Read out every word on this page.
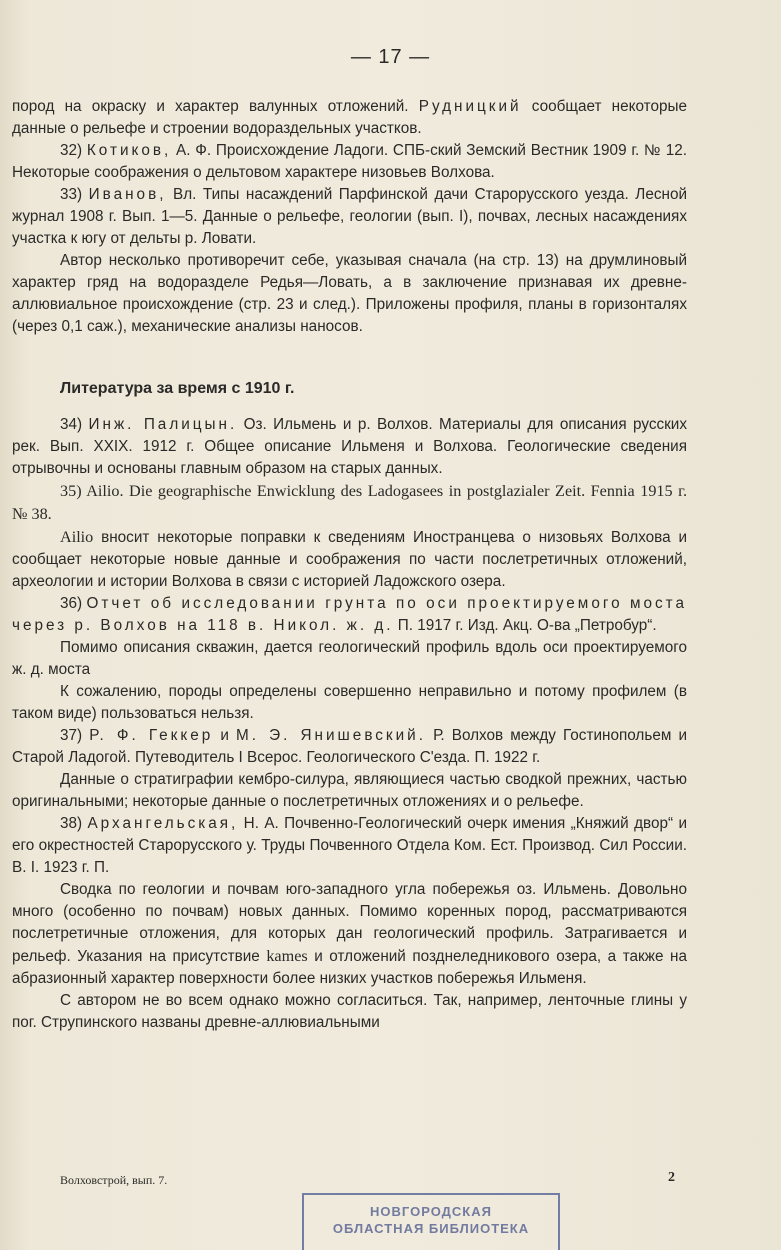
— 17 —

пород на окраску и характер валунных отложений. Рудницкий сообщает некоторые данные о рельефе и строении водораздельных участков.

32) Котиков, А. Ф. Происхождение Ладоги. СПБ-ский Земский Вестник 1909 г. № 12. Некоторые соображения о дельтовом характере низовьев Волхова.

33) Иванов, Вл. Типы насаждений Парфинской дачи Старорусского уезда. Лесной журнал 1908 г. Вып. 1—5. Данные о рельефе, геологии (вып. I), почвах, лесных насаждениях участка к югу от дельты р. Ловати.

Автор несколько противоречит себе, указывая сначала (на стр. 13) на друмлиновый характер гряд на водоразделе Редья—Ловать, а в заключение признавая их древне-аллювиальное происхождение (стр. 23 и след.). Приложены профиля, планы в горизонталях (через 0,1 саж.), механические анализы наносов.

Литература за время с 1910 г.

34) Инж. Палицын. Оз. Ильмень и р. Волхов. Материалы для описания русских рек. Вып. XXIX. 1912 г. Общее описание Ильменя и Волхова. Геологические сведения отрывочны и основаны главным образом на старых данных.

35) Ailio. Die geographische Enwicklung des Ladogasees in postglazialer Zeit. Fennia 1915 г. № 38.

Ailio вносит некоторые поправки к сведениям Иностранцева о низовьях Волхова и сообщает некоторые новые данные и соображения по части послетретичных отложений, археологии и истории Волхова в связи с историей Ладожского озера.

36) Отчет об исследовании грунта по оси проектируемого моста через р. Волхов на 118 в. Никол. ж. д. П. 1917 г. Изд. Акц. О-ва „Петробур“.

Помимо описания скважин, дается геологический профиль вдоль оси проектируемого ж. д. моста

К сожалению, породы определены совершенно неправильно и потому профилем (в таком виде) пользоваться нельзя.

37) Р. Ф. Геккер и М. Э. Янишевский. Р. Волхов между Гостинопольем и Старой Ладогой. Путеводитель I Всерос. Геологического С'езда. П. 1922 г.

Данные о стратиграфии кембро-силура, являющиеся частью сводкой прежних, частью оригинальными; некоторые данные о послетретичных отложениях и о рельефе.

38) Архангельская, Н. А. Почвенно-Геологический очерк имения „Княжий двор“ и его окрестностей Старорусского у. Труды Почвенного Отдела Ком. Ест. Производ. Сил России. В. I. 1923 г. П.

Сводка по геологии и почвам юго-западного угла побережья оз. Ильмень. Довольно много (особенно по почвам) новых данных. Помимо коренных пород, рассматриваются послетретичные отложения, для которых дан геологический профиль. Затрагивается и рельеф. Указания на присутствие kames и отложений позднеледникового озера, а также на абразионный характер поверхности более низких участков побережья Ильменя.

С автором не во всем однако можно согласиться. Так, например, ленточные глины у пог. Струпинского названы древне-аллювиальными

Волховстрой, вып. 7.	2
НОВГОРОДСКАЯ
ОБЛАСТНАЯ БИБЛИОТЕКА
